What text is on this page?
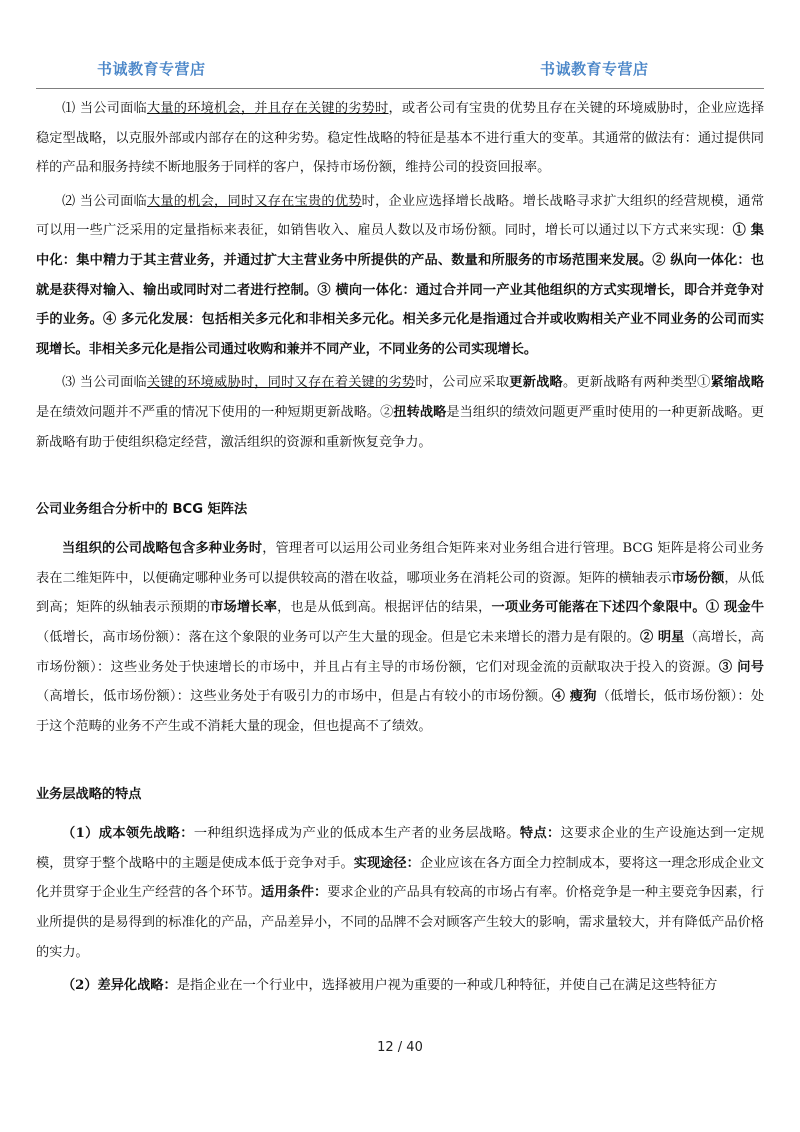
书诚教育专营店	书诚教育专营店

⑴ 当公司面临大量的环境机会，并且存在关键的劣势时，或者公司有宝贵的优势且存在关键的环境威胁时，企业应选择稳定型战略，以克服外部或内部存在的这种劣势。稳定性战略的特征是基本不进行重大的变革。其通常的做法有：通过提供同样的产品和服务持续不断地服务于同样的客户，保持市场份额，维持公司的投资回报率。

⑵ 当公司面临大量的机会，同时又存在宝贵的优势时，企业应选择增长战略。增长战略寻求扩大组织的经营规模，通常可以用一些广泛采用的定量指标来表征，如销售收入、雇员人数以及市场份额。同时，增长可以通过以下方式来实现：① 集中化：集中精力于其主营业务，并通过扩大主营业务中所提供的产品、数量和所服务的市场范围来发展。② 纵向一体化：也就是获得对输入、输出或同时对二者进行控制。③ 横向一体化：通过合并同一产业其他组织的方式实现增长，即合并竞争对手的业务。④ 多元化发展：包括相关多元化和非相关多元化。相关多元化是指通过合并或收购相关产业不同业务的公司而实现增长。非相关多元化是指公司通过收购和兼并不同产业，不同业务的公司实现增长。

⑶ 当公司面临关键的环境威胁时，同时又存在着关键的劣势时，公司应采取更新战略。更新战略有两种类型①紧缩战略是在绩效问题并不严重的情况下使用的一种短期更新战略。②扭转战略是当组织的绩效问题更严重时使用的一种更新战略。更新战略有助于使组织稳定经营，激活组织的资源和重新恢复竞争力。

公司业务组合分析中的 BCG 矩阵法

当组织的公司战略包含多种业务时，管理者可以运用公司业务组合矩阵来对业务组合进行管理。BCG 矩阵是将公司业务表在二维矩阵中，以便确定哪种业务可以提供较高的潜在收益，哪项业务在消耗公司的资源。矩阵的横轴表示市场份额，从低到高；矩阵的纵轴表示预期的市场增长率，也是从低到高。根据评估的结果，一项业务可能落在下述四个象限中。① 现金牛（低增长，高市场份额）：落在这个象限的业务可以产生大量的现金。但是它未来增长的潜力是有限的。② 明星（高增长，高市场份额）：这些业务处于快速增长的市场中，并且占有主导的市场份额，它们对现金流的贡献取决于投入的资源。③ 问号（高增长，低市场份额）：这些业务处于有吸引力的市场中，但是占有较小的市场份额。④ 瘦狗（低增长，低市场份额）：处于这个范畴的业务不产生或不消耗大量的现金，但也提高不了绩效。

业务层战略的特点

（1）成本领先战略：一种组织选择成为产业的低成本生产者的业务层战略。特点：这要求企业的生产设施达到一定规模，贯穿于整个战略中的主题是使成本低于竞争对手。实现途径：企业应该在各方面全力控制成本，要将这一理念形成企业文化并贯穿于企业生产经营的各个环节。适用条件：要求企业的产品具有较高的市场占有率。价格竞争是一种主要竞争因素，行业所提供的是易得到的标准化的产品，产品差异小，不同的品牌不会对顾客产生较大的影响，需求量较大，并有降低产品价格的实力。

（2）差异化战略：是指企业在一个行业中，选择被用户视为重要的一种或几种特征，并使自己在满足这些特征方

12 / 40
